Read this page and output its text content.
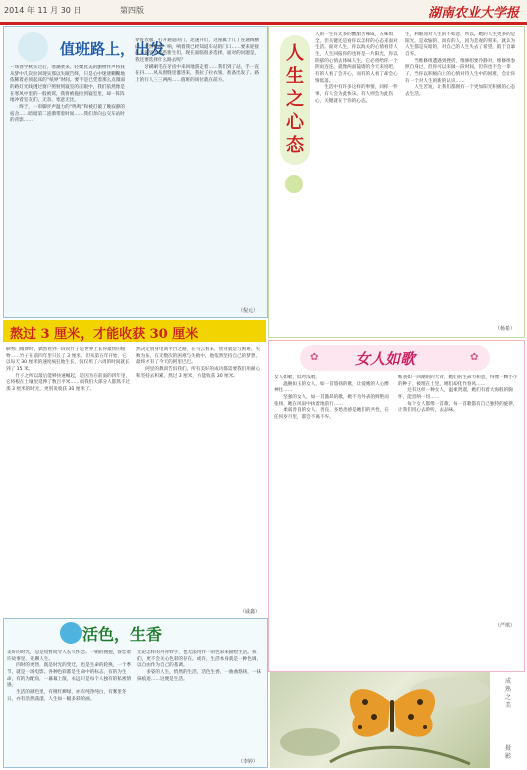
2014 年 11 月 30 日	第四版	湖南农业大学报
值班路上，出发
一场春学秋实过后，寒潮袭来。轻柔优美的删物件声将我从梦中几次拉回现实那以失眠告终，只是心中迷迷糊糊地依稀着必须起床的“纸界”时间。要不是已凭着那么点微弱的路灯光线透过窗户照射到寝室的正眼中，我们依然像是在寒风中里的一般被窝，我将被拖拉到寝室里，却一阵阵地冲着室友们，无奈、寒意无比。
　　终于，一串脚步声温力的“鸣鸣”和被打破了晚寂静的宿舍……暗暗第二涟漪带着时间……我们奔向公交车站时的背影……
穿好衣服，打开通道的门，迅速开灯，这座属于几丁连通线横向，突然我那一响，响着我已经知道车站的门口……要来迎接前来报到的那些新生们，现在面临很多选择，面对的问题是，我还要选择什么路去呢？
　　牙刷刷毛在牙齿中来回地游走着……我们到了站，手一直在抖……风从窗缝里灌进来，我拉了拉衣领，准备出发了。路上的行人三三两两……值班的岗位就在前方。
（倪元）
人生之心态
人的一生有太多的酸甜苦辣咸，五味俱全。但关键还是看你以怎样的心态来面对生活。面对人生，你以海关的心情看待人生，人生回报你的也将是一片阳光，你以阴郁的心情去体味人生，它必将给你一个阴雨连连。就像两面镜墙的今天来说吧，有的人看了会开心，而有的人看了却会心情低落。
　　生活中有许多这样的事情，同样一件事，有人会为此快乐，有人则会为此伤心，关键就在于你的心态。
生，利眼而对人生的不如意，所以，她的人生更多的是阳光。是欢愉的、而有的人，因为悲观的刻来，就认为人生都是灰暗的，对自己的人生失去了希望，陷于自暴自弃。
　　当维修组遭遇到挫折，维修组要冷静对，维修组参照自身过，但你可以来做一段时间，但你也不会一辈子。当你以积极向上的心情对待人生中的困难，会让你有一个对人生的新的认识……
　　人生苦短，让我们都拥有一个更加阳光积极的心态去生活。
（杨希）
熬过 3 厘米，才能收获 30 厘米
刷秀门微博时，偶然看到一段说竹子是世界上长得最快的植物……竹子在前四年里只长了 3 厘米，但从第五年开始，它以每天 30 厘米的速度疯狂地生长，仅仅用了六周的时间就长到了 15 米。
　　竹子之所以最后能够快速崛起，是因为在前面的四年里，它将根在土壤里延伸了数百平米……而我们大部分人都熬不过那 3 厘米的时光，更别说收获 30 厘米了。
然决定放身电商平台之路，在马云看来，创业就是与困难、失败为伍，在无数次的困难与失败中，他依然坚持自己的梦想，最终才有了今天的阿里巴巴。
　　阿里的教训告诉我们，所有美好的成功都需要我们用耐心和坚持去积累，熬过 3 厘米，方能收获 30 厘米。
（戚鑫）
女人如歌
✿	✿
女人如歌，低吟浅唱。
　　温婉如玉的女人，如一首悠扬的歌，让爱她的人心醉神往……
　　坚强的女人，如一首激昂的歌，她不为外表的鲜艳而张扬，她在风雨中执着地前行……
　　柔弱善良的女人，善良、多愁善感是她们的共性，在任何岁月里，都会不离不弃。
帐我如一回潮的的大背，她们的生命力和意，得像一颗小小的种子，被埋在土里，她们却化作春风……
　　还有这样一种女人，温柔贤淑，她们有着大海般的胸怀，能容纳一切……
　　每个女人都像一首歌，每一首歌都有自己独特的旋律，让我们用心去聆听，去品味。
（严琪）
活色，生香
美好的时光，总是短暂而令人长久怀恋。一朝的拥抱，眷恋着许故事里，先聊人生。
　　四时的更替，既是时光的变迁，也是生命的轮换。一个季节，就是一场电影。各种色彩都是生命中的标志，有的为生命，有的为配角，一幕幕上演，永远只是每个人独有的私密情感。
　　生活的颜色里，有桃红柳绿，亦有纯净纯白，有雾里冬日，亦有浩然荡漾，人生如一幅多彩的画。
无论怎样的丹青妙手，也无法用作一的色彩来描绘生活。我们，更不会关心色彩的存在。或许，生活本身就是一种色调，以自由作为自己的基调。
　　多姿的人生，悄然的生活，活色生香，一曲曲悠扬，一抹抹痕迹……这便是生活。
（李婷）
成熟之美
摄影
